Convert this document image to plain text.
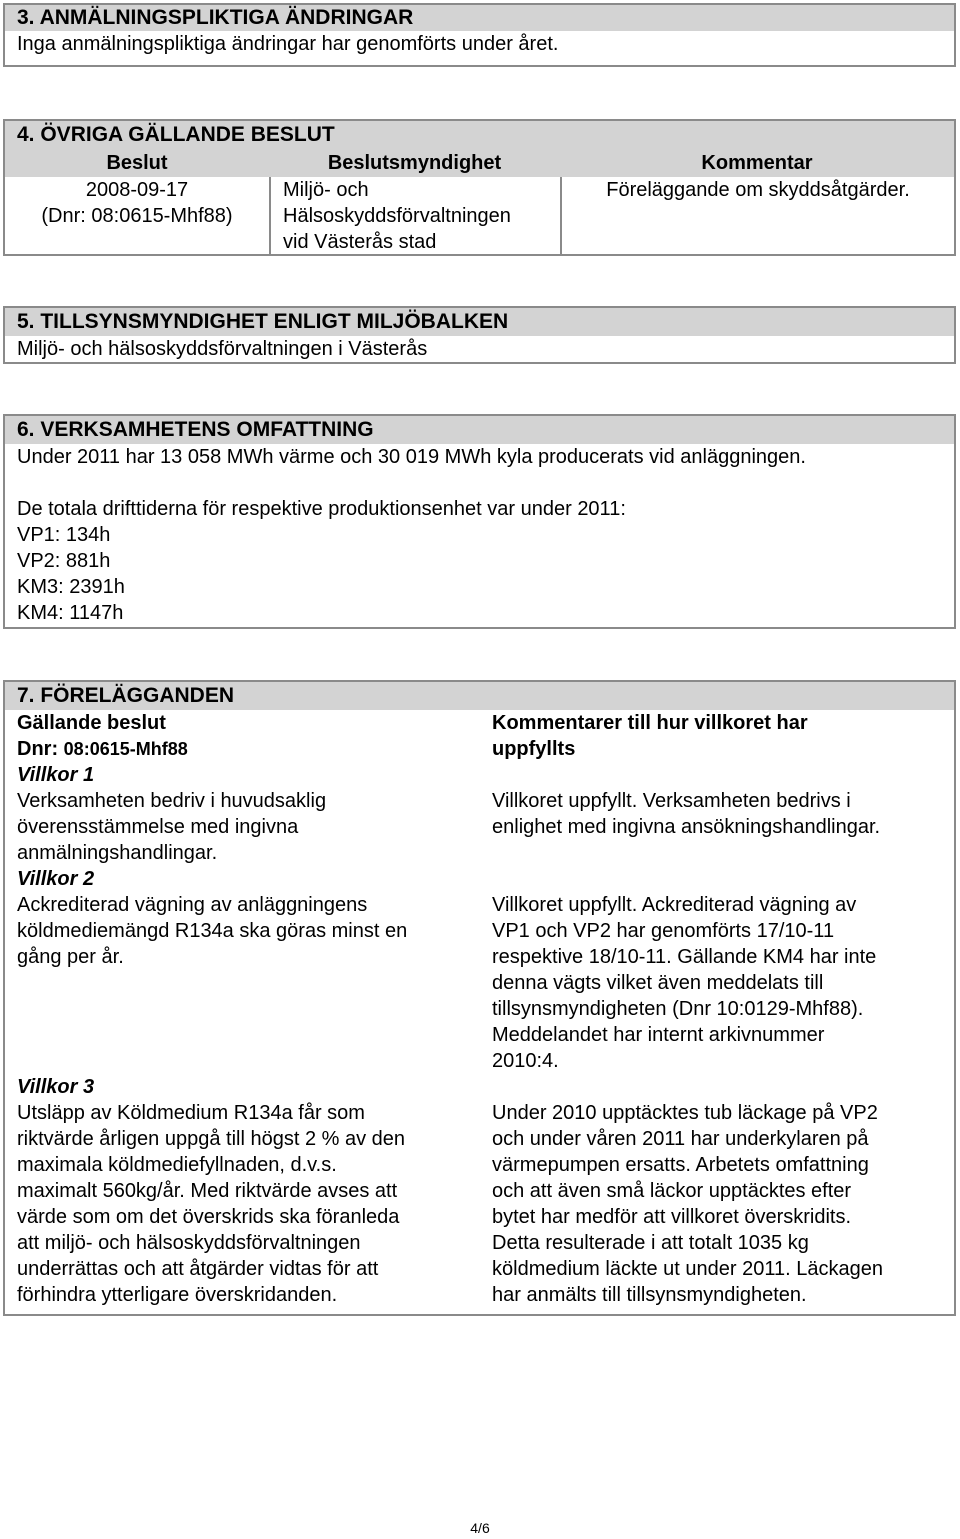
3. ANMÄLNINGSPLIKTIGA ÄNDRINGAR
Inga anmälningspliktiga ändringar har genomförts under året.
4. ÖVRIGA GÄLLANDE BESLUT
Beslut	Beslutsmyndighet	Kommentar
2008-09-17
(Dnr: 08:0615-Mhf88)
Miljö- och
Hälsoskyddsförvaltningen
vid Västerås stad
Föreläggande om skyddsåtgärder.
5. TILLSYNSMYNDIGHET ENLIGT MILJÖBALKEN
Miljö- och hälsoskyddsförvaltningen i Västerås
6. VERKSAMHETENS OMFATTNING
Under 2011 har 13 058 MWh värme och 30 019 MWh kyla producerats vid anläggningen.
De totala drifttiderna för respektive produktionsenhet var under 2011:
VP1: 134h
VP2: 881h
KM3: 2391h
KM4: 1147h
7. FÖRELÄGGANDEN
Gällande beslut
Dnr: 08:0615-Mhf88
Villkor 1
Verksamheten bedriv i huvudsaklig
överensstämmelse med ingivna
anmälningshandlingar.
Villkor 2
Ackrediterad vägning av anläggningens
köldmediemängd R134a ska göras minst en
gång per år.
Villkor 3
Utsläpp av Köldmedium R134a får som
riktvärde årligen uppgå till högst 2 % av den
maximala köldmediefyllnaden, d.v.s.
maximalt 560kg/år. Med riktvärde avses att
värde som om det överskrids ska föranleda
att miljö- och hälsoskyddsförvaltningen
underrättas och att åtgärder vidtas för att
förhindra ytterligare överskridanden.
Kommentarer till hur villkoret har
uppfyllts
Villkoret uppfyllt. Verksamheten bedrivs i
enlighet med ingivna ansökningshandlingar.
Villkoret uppfyllt. Ackrediterad vägning av
VP1 och VP2 har genomförts 17/10-11
respektive 18/10-11. Gällande KM4 har inte
denna vägts vilket även meddelats till
tillsynsmyndigheten (Dnr 10:0129-Mhf88).
Meddelandet har internt arkivnummer
2010:4.
Under 2010 upptäcktes tub läckage på VP2
och under våren 2011 har underkylaren på
värmepumpen ersatts. Arbetets omfattning
och att även små läckor upptäcktes efter
bytet har medför att villkoret överskridits.
Detta resulterade i att totalt 1035 kg
köldmedium läckte ut under 2011. Läckagen
har anmälts till tillsynsmyndigheten.
4/6
